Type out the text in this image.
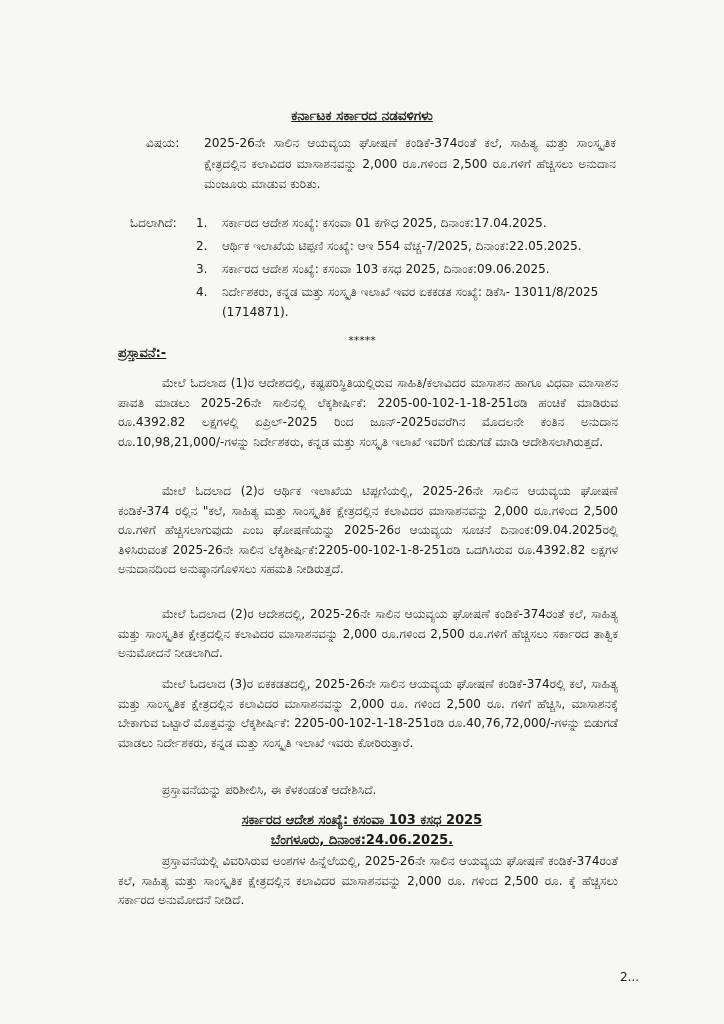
ಕರ್ನಾಟಕ ಸರ್ಕಾರದ ನಡವಳಿಗಳು
ವಿಷಯ: 2025-26ನೇ ಸಾಲಿನ ಆಯವ್ಯಯ ಘೋಷಣೆ ಕಂಡಿಕೆ-374ರಂತೆ ಕಲೆ, ಸಾಹಿತ್ಯ ಮತ್ತು ಸಾಂಸ್ಕೃತಿಕ ಕ್ಷೇತ್ರದಲ್ಲಿನ ಕಲಾವಿದರ ಮಾಸಾಶನವನ್ನು 2,000 ರೂ.ಗಳಿಂದ 2,500 ರೂ.ಗಳಿಗೆ ಹೆಚ್ಚಿಸಲು ಅನುದಾನ ಮಂಜೂರು ಮಾಡುವ ಕುರಿತು.
ಓದಲಾಗಿದೆ: 1. ಸರ್ಕಾರದ ಆದೇಶ ಸಂಖ್ಯೆ: ಕಸಂವಾ 01 ಕಗೌಧ 2025, ದಿನಾಂಕ:17.04.2025.
2. ಆರ್ಥಿಕ ಇಲಾಖೆಯ ಟಿಪ್ಪಣಿ ಸಂಖ್ಯೆ: ಆಇ 554 ವೆಚ್ಚ-7/2025, ದಿನಾಂಕ:22.05.2025.
3. ಸರ್ಕಾರದ ಆದೇಶ ಸಂಖ್ಯೆ: ಕಸಂವಾ 103 ಕಸಧ 2025, ದಿನಾಂಕ:09.06.2025.
4. ನಿರ್ದೇಶಕರು, ಕನ್ನಡ ಮತ್ತು ಸಂಸ್ಕೃತಿ ಇಲಾಖೆ ಇವರ ಏಕಕಡತ ಸಂಖ್ಯೆ: ಡಿಕೆಸಿ- 13011/8/2025 (1714871).
*****
ಪ್ರಸ್ತಾವನೆ:-
ಮೇಲೆ ಓದಲಾದ (1)ರ ಆದೇಶದಲ್ಲಿ, ಕಷ್ಟಪರಿಸ್ಥಿತಿಯಲ್ಲಿರುವ ಸಾಹಿತಿ/ಕಲಾವಿದರ ಮಾಸಾಶನ ಹಾಗೂ ವಿಧವಾ ಮಾಸಾಶನ ಪಾವತಿ ಮಾಡಲು 2025-26ನೇ ಸಾಲಿನಲ್ಲಿ ಲೆಕ್ಕಶೀರ್ಷಿಕೆ: 2205-00-102-1-18-251ರಡಿ ಹಂಚಿಕೆ ಮಾಡಿರುವ ರೂ.4392.82 ಲಕ್ಷಗಳಲ್ಲಿ ಏಪ್ರಿಲ್-2025 ರಿಂದ ಜೂನ್-2025ರವರೆಗಿನ ಮೊದಲನೇ ಕಂತಿನ ಅನುದಾನ ರೂ.10,98,21,000/-ಗಳನ್ನು ನಿರ್ದೇಶಕರು, ಕನ್ನಡ ಮತ್ತು ಸಂಸ್ಕೃತಿ ಇಲಾಖೆ ಇವರಿಗೆ ಬಿಡುಗಡೆ ಮಾಡಿ ಆದೇಶಿಸಲಾಗಿರುತ್ತದೆ.
ಮೇಲೆ ಓದಲಾದ (2)ರ ಆರ್ಥಿಕ ಇಲಾಖೆಯ ಟಿಪ್ಪಣಿಯಲ್ಲಿ, 2025-26ನೇ ಸಾಲಿನ ಆಯವ್ಯಯ ಘೋಷಣೆ ಕಂಡಿಕೆ-374 ರಲ್ಲಿನ "ಕಲೆ, ಸಾಹಿತ್ಯ ಮತ್ತು ಸಾಂಸ್ಕೃತಿಕ ಕ್ಷೇತ್ರದಲ್ಲಿನ ಕಲಾವಿದರ ಮಾಸಾಶನವನ್ನು 2,000 ರೂ.ಗಳಿಂದ 2,500 ರೂ.ಗಳಿಗೆ ಹೆಚ್ಚಿಸಲಾಗುವುದು ಎಂಬ ಘೋಷಣೆಯನ್ನು 2025-26ರ ಆಯವ್ಯಯ ಸೂಚನೆ ದಿನಾಂಕ:09.04.2025ರಲ್ಲಿ ತಿಳಿಸಿರುವಂತೆ 2025-26ನೇ ಸಾಲಿನ ಲೆಕ್ಕಶೀರ್ಷಿಕೆ:2205-00-102-1-8-251ರಡಿ ಒದಗಿಸಿರುವ ರೂ.4392.82 ಲಕ್ಷಗಳ ಅನುದಾನದಿಂದ ಅನುಷ್ಠಾನಗೊಳಿಸಲು ಸಹಮತಿ ನೀಡಿರುತ್ತದೆ.
ಮೇಲೆ ಓದಲಾದ (2)ರ ಆದೇಶದಲ್ಲಿ, 2025-26ನೇ ಸಾಲಿನ ಆಯವ್ಯಯ ಘೋಷಣೆ ಕಂಡಿಕೆ-374ರಂತೆ ಕಲೆ, ಸಾಹಿತ್ಯ ಮತ್ತು ಸಾಂಸ್ಕೃತಿಕ ಕ್ಷೇತ್ರದಲ್ಲಿನ ಕಲಾವಿದರ ಮಾಸಾಶನವನ್ನು 2,000 ರೂ.ಗಳಿಂದ 2,500 ರೂ.ಗಳಿಗೆ ಹೆಚ್ಚಿಸಲು ಸರ್ಕಾರದ ತಾತ್ವಿಕ ಅನುಮೋದನೆ ನೀಡಲಾಗಿದೆ.
ಮೇಲೆ ಓದಲಾದ (3)ರ ಏಕಕಡತದಲ್ಲಿ, 2025-26ನೇ ಸಾಲಿನ ಆಯವ್ಯಯ ಘೋಷಣೆ ಕಂಡಿಕೆ-374ರಲ್ಲಿ ಕಲೆ, ಸಾಹಿತ್ಯ ಮತ್ತು ಸಾಂಸ್ಕೃತಿಕ ಕ್ಷೇತ್ರದಲ್ಲಿನ ಕಲಾವಿದರ ಮಾಸಾಶನವನ್ನು 2,000 ರೂ. ಗಳಿಂದ 2,500 ರೂ. ಗಳಿಗೆ ಹೆಚ್ಚಿಸಿ, ಮಾಸಾಶನಕ್ಕೆ ಬೇಕಾಗುವ ಒಟ್ಟಾರೆ ಮೊತ್ತವನ್ನು ಲೆಕ್ಕಶೀರ್ಷಿಕೆ: 2205-00-102-1-18-251ರಡಿ ರೂ.40,76,72,000/-ಗಳನ್ನು ಬಿಡುಗಡೆ ಮಾಡಲು ನಿರ್ದೇಶಕರು, ಕನ್ನಡ ಮತ್ತು ಸಂಸ್ಕೃತಿ ಇಲಾಖೆ ಇವರು ಕೋರಿರುತ್ತಾರೆ.
ಪ್ರಸ್ತಾವನೆಯನ್ನು ಪರಿಶೀಲಿಸಿ, ಈ ಕೆಳಕಂಡಂತೆ ಆದೇಶಿಸಿದೆ.
ಸರ್ಕಾರದ ಆದೇಶ ಸಂಖ್ಯೆ: ಕಸಂವಾ 103 ಕಸಧ 2025
ಬೆಂಗಳೂರು, ದಿನಾಂಕ:24.06.2025.
ಪ್ರಸ್ತಾವನೆಯಲ್ಲಿ ವಿವರಿಸಿರುವ ಅಂಶಗಳ ಹಿನ್ನೆಲೆಯಲ್ಲಿ, 2025-26ನೇ ಸಾಲಿನ ಆಯವ್ಯಯ ಘೋಷಣೆ ಕಂಡಿಕೆ-374ರಂತೆ ಕಲೆ, ಸಾಹಿತ್ಯ ಮತ್ತು ಸಾಂಸ್ಕೃತಿಕ ಕ್ಷೇತ್ರದಲ್ಲಿನ ಕಲಾವಿದರ ಮಾಸಾಶನವನ್ನು 2,000 ರೂ. ಗಳಿಂದ 2,500 ರೂ. ಕ್ಕೆ ಹೆಚ್ಚಿಸಲು ಸರ್ಕಾರದ ಅನುಮೋದನೆ ನೀಡಿದೆ.
2...
